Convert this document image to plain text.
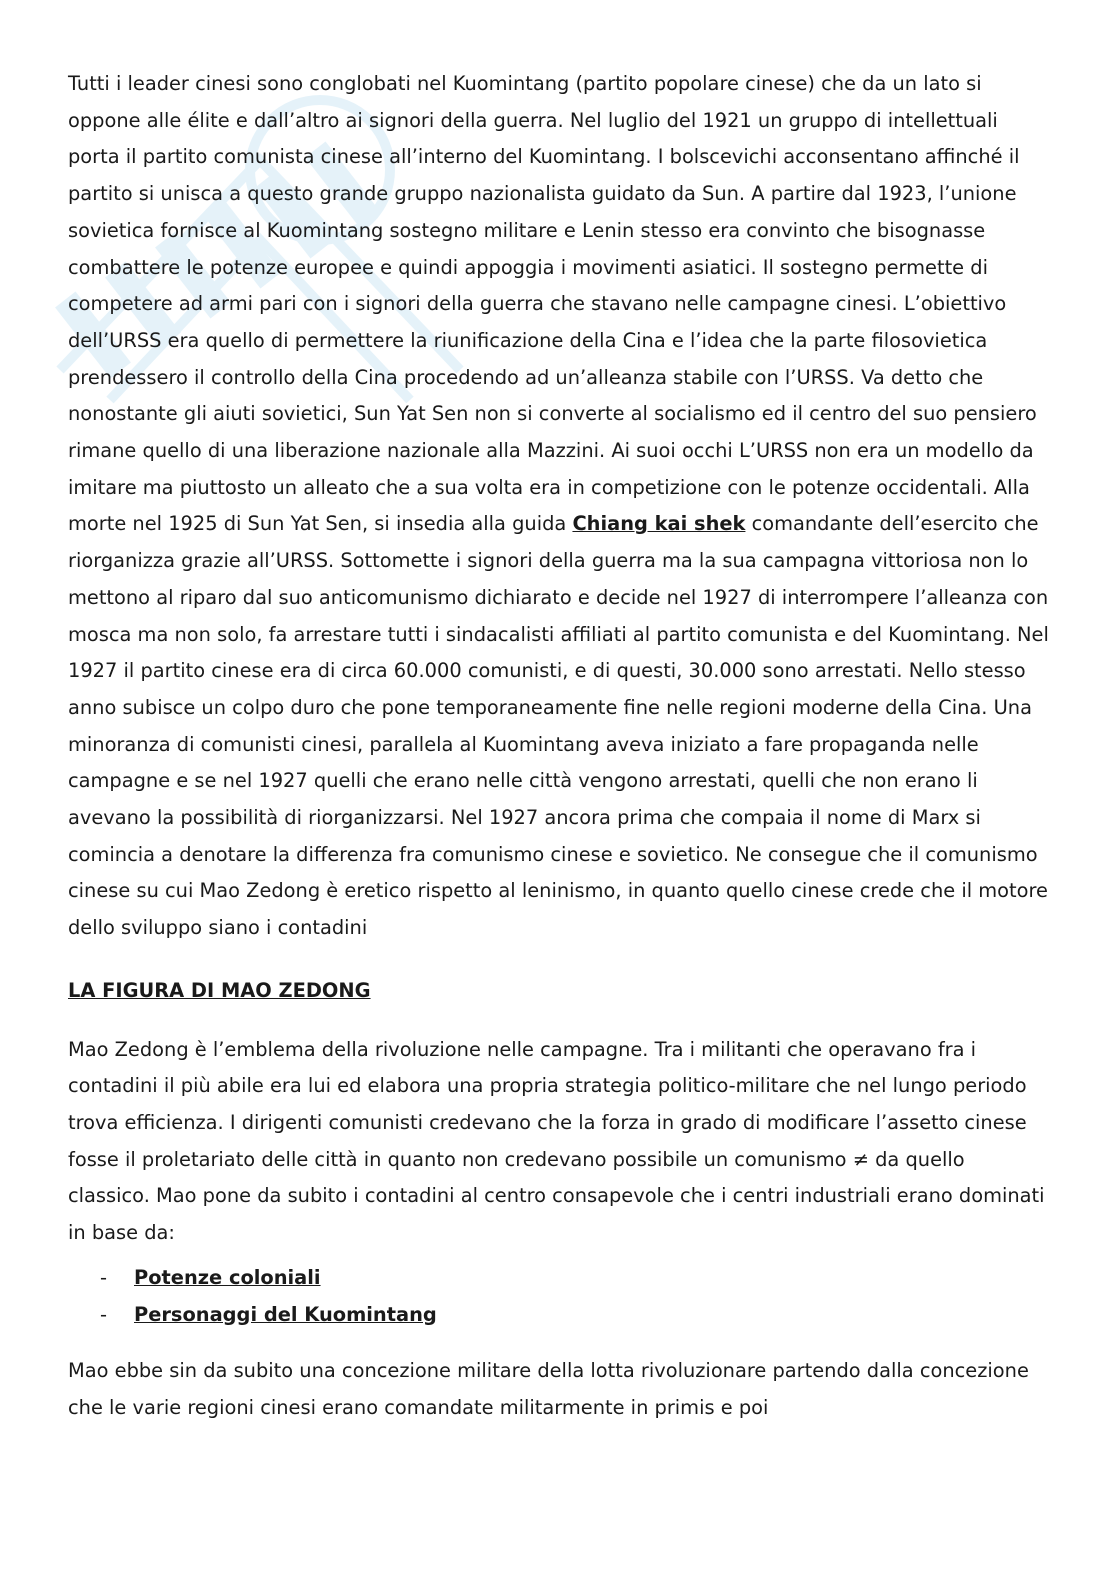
Tutti i leader cinesi sono conglobati nel Kuomintang (partito popolare cinese) che da un lato si oppone alle élite e dall’altro ai signori della guerra. Nel luglio del 1921 un gruppo di intellettuali porta il partito comunista cinese all’interno del Kuomintang. I bolscevichi acconsentano affinché il partito si unisca a questo grande gruppo nazionalista guidato da Sun. A partire dal 1923, l’unione sovietica fornisce al Kuomintang sostegno militare e Lenin stesso era convinto che bisognasse combattere le potenze europee e quindi appoggia i movimenti asiatici. Il sostegno permette di competere ad armi pari con i signori della guerra che stavano nelle campagne cinesi. L’obiettivo dell’URSS era quello di permettere la riunificazione della Cina e l’idea che la parte filosovietica prendessero il controllo della Cina procedendo ad un’alleanza stabile con l’URSS. Va detto che nonostante gli aiuti sovietici, Sun Yat Sen non si converte al socialismo ed il centro del suo pensiero rimane quello di una liberazione nazionale alla Mazzini. Ai suoi occhi L’URSS non era un modello da imitare ma piuttosto un alleato che a sua volta era in competizione con le potenze occidentali. Alla morte nel 1925 di Sun Yat Sen, si insedia alla guida Chiang kai shek comandante dell’esercito che riorganizza grazie all’URSS. Sottomette i signori della guerra ma la sua campagna vittoriosa non lo mettono al riparo dal suo anticomunismo dichiarato e decide nel 1927 di interrompere l’alleanza con mosca ma non solo, fa arrestare tutti i sindacalisti affiliati al partito comunista e del Kuomintang. Nel 1927 il partito cinese era di circa 60.000 comunisti, e di questi, 30.000 sono arrestati. Nello stesso anno subisce un colpo duro che pone temporaneamente fine nelle regioni moderne della Cina. Una minoranza di comunisti cinesi, parallela al Kuomintang aveva iniziato a fare propaganda nelle campagne e se nel 1927 quelli che erano nelle città vengono arrestati, quelli che non erano li avevano la possibilità di riorganizzarsi. Nel 1927 ancora prima che compaia il nome di Marx si comincia a denotare la differenza fra comunismo cinese e sovietico. Ne consegue che il comunismo cinese su cui Mao Zedong è eretico rispetto al leninismo, in quanto quello cinese crede che il motore dello sviluppo siano i contadini

LA FIGURA DI MAO ZEDONG

Mao Zedong è l’emblema della rivoluzione nelle campagne. Tra i militanti che operavano fra i contadini il più abile era lui ed elabora una propria strategia politico-militare che nel lungo periodo trova efficienza. I dirigenti comunisti credevano che la forza in grado di modificare l’assetto cinese fosse il proletariato delle città in quanto non credevano possibile un comunismo ≠ da quello classico. Mao pone da subito i contadini al centro consapevole che i centri industriali erano dominati in base da:

-	Potenze coloniali
-	Personaggi del Kuomintang

Mao ebbe sin da subito una concezione militare della lotta rivoluzionare partendo dalla concezione che le varie regioni cinesi erano comandate militarmente in primis e poi
